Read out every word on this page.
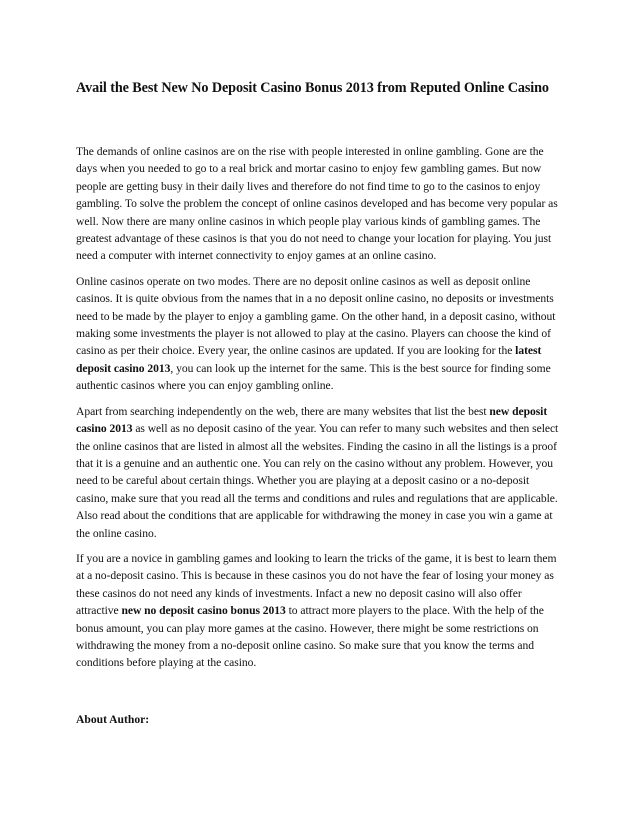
Avail the Best New No Deposit Casino Bonus 2013 from Reputed Online Casino

The demands of online casinos are on the rise with people interested in online gambling. Gone are the days when you needed to go to a real brick and mortar casino to enjoy few gambling games. But now people are getting busy in their daily lives and therefore do not find time to go to the casinos to enjoy gambling. To solve the problem the concept of online casinos developed and has become very popular as well. Now there are many online casinos in which people play various kinds of gambling games. The greatest advantage of these casinos is that you do not need to change your location for playing. You just need a computer with internet connectivity to enjoy games at an online casino.

Online casinos operate on two modes. There are no deposit online casinos as well as deposit online casinos. It is quite obvious from the names that in a no deposit online casino, no deposits or investments need to be made by the player to enjoy a gambling game. On the other hand, in a deposit casino, without making some investments the player is not allowed to play at the casino. Players can choose the kind of casino as per their choice. Every year, the online casinos are updated. If you are looking for the latest deposit casino 2013, you can look up the internet for the same. This is the best source for finding some authentic casinos where you can enjoy gambling online.

Apart from searching independently on the web, there are many websites that list the best new deposit casino 2013 as well as no deposit casino of the year. You can refer to many such websites and then select the online casinos that are listed in almost all the websites. Finding the casino in all the listings is a proof that it is a genuine and an authentic one. You can rely on the casino without any problem. However, you need to be careful about certain things. Whether you are playing at a deposit casino or a no-deposit casino, make sure that you read all the terms and conditions and rules and regulations that are applicable. Also read about the conditions that are applicable for withdrawing the money in case you win a game at the online casino.

If you are a novice in gambling games and looking to learn the tricks of the game, it is best to learn them at a no-deposit casino. This is because in these casinos you do not have the fear of losing your money as these casinos do not need any kinds of investments. Infact a new no deposit casino will also offer attractive new no deposit casino bonus 2013 to attract more players to the place. With the help of the bonus amount, you can play more games at the casino. However, there might be some restrictions on withdrawing the money from a no-deposit online casino. So make sure that you know the terms and conditions before playing at the casino.

About Author:
